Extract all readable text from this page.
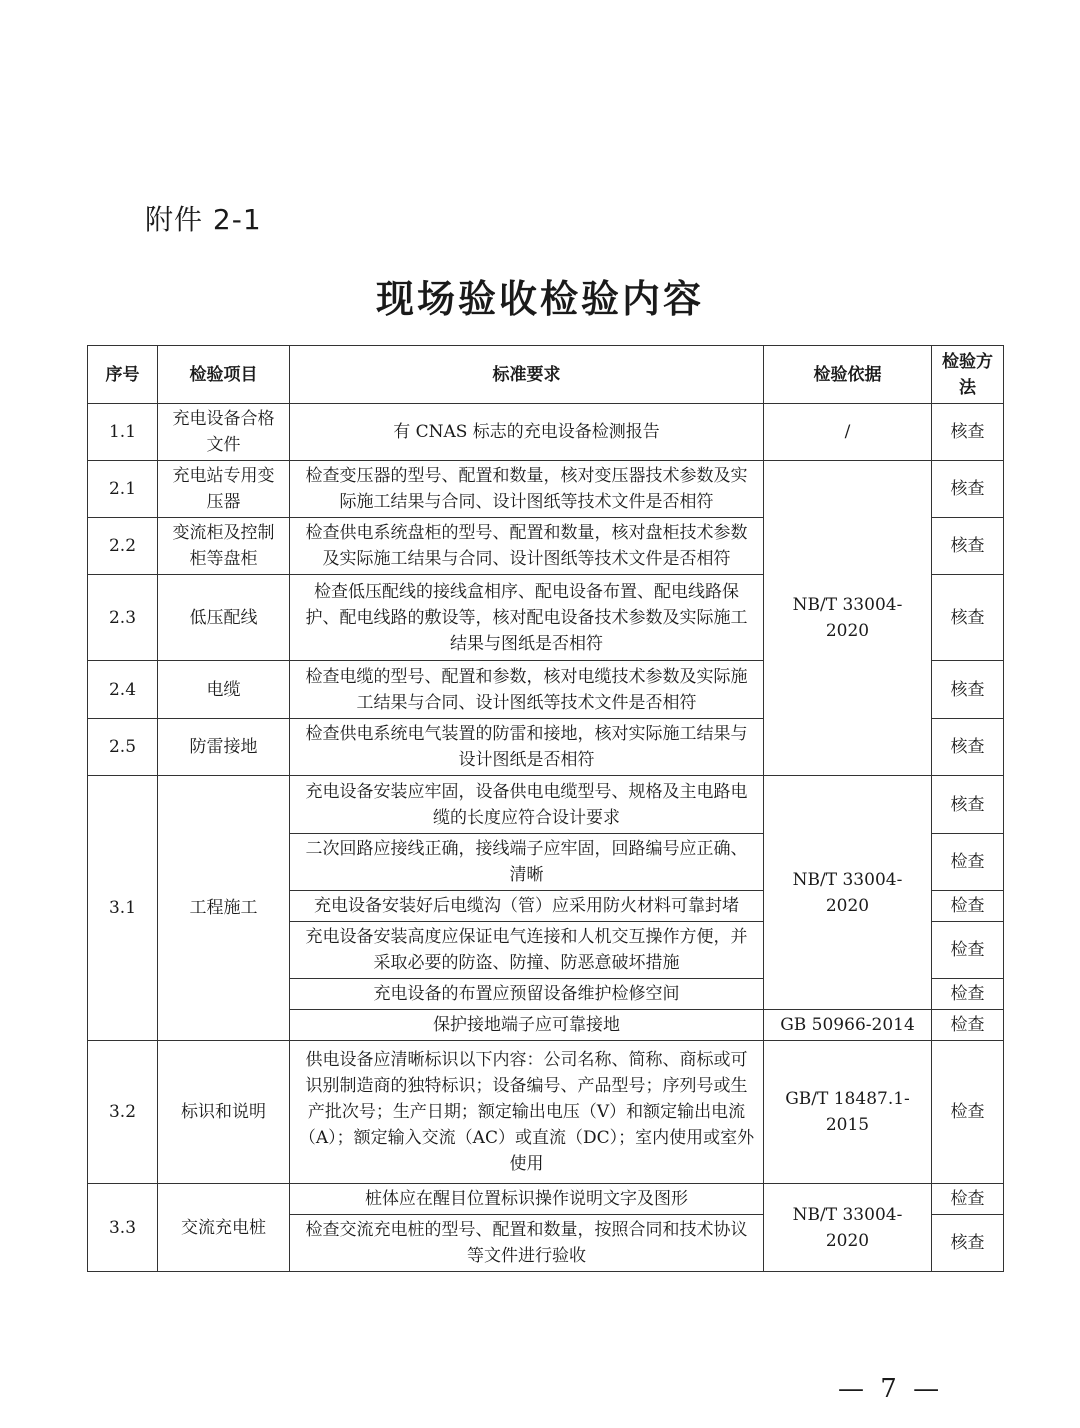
附件 2-1
现场验收检验内容
序号	检验项目	标准要求	检验依据	检验方法
1.1	充电设备合格文件	有 CNAS 标志的充电设备检测报告	/	核查
2.1	充电站专用变压器	检查变压器的型号、配置和数量，核对变压器技术参数及实际施工结果与合同、设计图纸等技术文件是否相符	NB/T 33004-2020	核查
2.2	变流柜及控制柜等盘柜	检查供电系统盘柜的型号、配置和数量，核对盘柜技术参数及实际施工结果与合同、设计图纸等技术文件是否相符		核查
2.3	低压配线	检查低压配线的接线盒相序、配电设备布置、配电线路保护、配电线路的敷设等，核对配电设备技术参数及实际施工结果与图纸是否相符		核查
2.4	电缆	检查电缆的型号、配置和参数，核对电缆技术参数及实际施工结果与合同、设计图纸等技术文件是否相符		核查
2.5	防雷接地	检查供电系统电气装置的防雷和接地，核对实际施工结果与设计图纸是否相符		核查
3.1	工程施工	充电设备安装应牢固，设备供电电缆型号、规格及主电路电缆的长度应符合设计要求	NB/T 33004-2020	核查
		二次回路应接线正确，接线端子应牢固，回路编号应正确、清晰		检查
		充电设备安装好后电缆沟（管）应采用防火材料可靠封堵		检查
		充电设备安装高度应保证电气连接和人机交互操作方便，并采取必要的防盗、防撞、防恶意破坏措施		检查
		充电设备的布置应预留设备维护检修空间		检查
		保护接地端子应可靠接地	GB 50966-2014	检查
3.2	标识和说明	供电设备应清晰标识以下内容：公司名称、简称、商标或可识别制造商的独特标识；设备编号、产品型号；序列号或生产批次号；生产日期；额定输出电压（V）和额定输出电流（A）；额定输入交流（AC）或直流（DC）；室内使用或室外使用	GB/T 18487.1-2015	检查
3.3	交流充电桩	桩体应在醒目位置标识操作说明文字及图形	NB/T 33004-2020	检查
		检查交流充电桩的型号、配置和数量，按照合同和技术协议等文件进行验收		核查
— 7 —
